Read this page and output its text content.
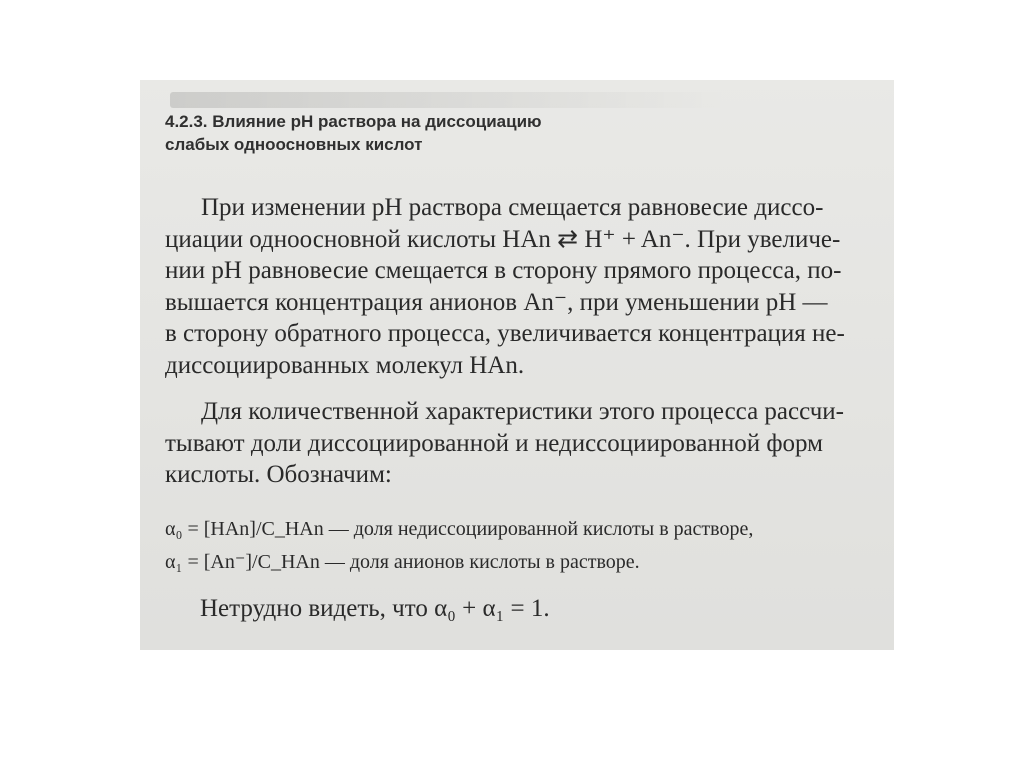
4.2.3. Влияние pH раствора на диссоциацию
слабых одноосновных кислот
При изменении pH раствора смещается равновесие диссо-
циации одноосновной кислоты HAn ⇄ H⁺ + An⁻. При увеличе-
нии pH равновесие смещается в сторону прямого процесса, по-
вышается концентрация анионов An⁻, при уменьшении pH —
в сторону обратного процесса, увеличивается концентрация не-
диссоциированных молекул HAn.
Для количественной характеристики этого процесса рассчи-
тывают доли диссоциированной и недиссоциированной форм
кислоты. Обозначим:
α₀ = [HAn]/C_HAn — доля недиссоциированной кислоты в растворе,
α₁ = [An⁻]/C_HAn — доля анионов кислоты в растворе.
Нетрудно видеть, что α₀ + α₁ = 1.
